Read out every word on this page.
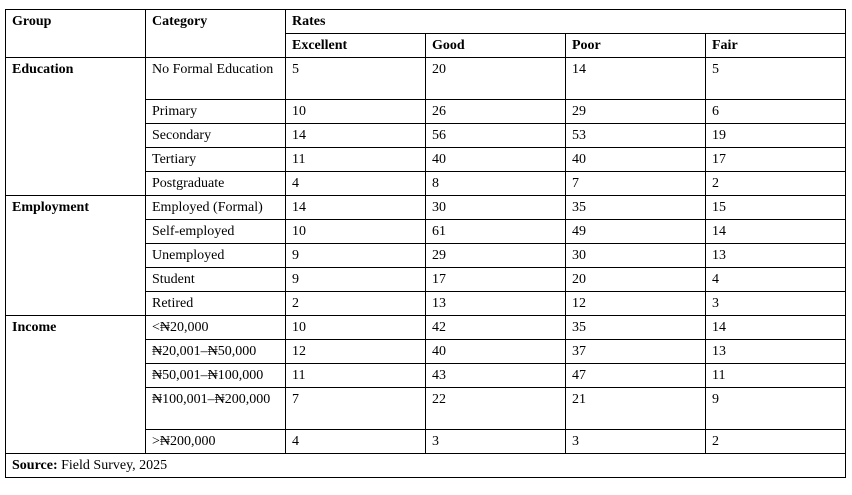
Group	Category	Rates			
		Excellent	Good	Poor	Fair
Education	No Formal Education	5	20	14	5
	Primary	10	26	29	6
	Secondary	14	56	53	19
	Tertiary	11	40	40	17
	Postgraduate	4	8	7	2
Employment	Employed (Formal)	14	30	35	15
	Self-employed	10	61	49	14
	Unemployed	9	29	30	13
	Student	9	17	20	4
	Retired	2	13	12	3
Income	<₦20,000	10	42	35	14
	₦20,001–₦50,000	12	40	37	13
	₦50,001–₦100,000	11	43	47	11
	₦100,001–₦200,000	7	22	21	9
	>₦200,000	4	3	3	2
Source: Field Survey, 2025					
